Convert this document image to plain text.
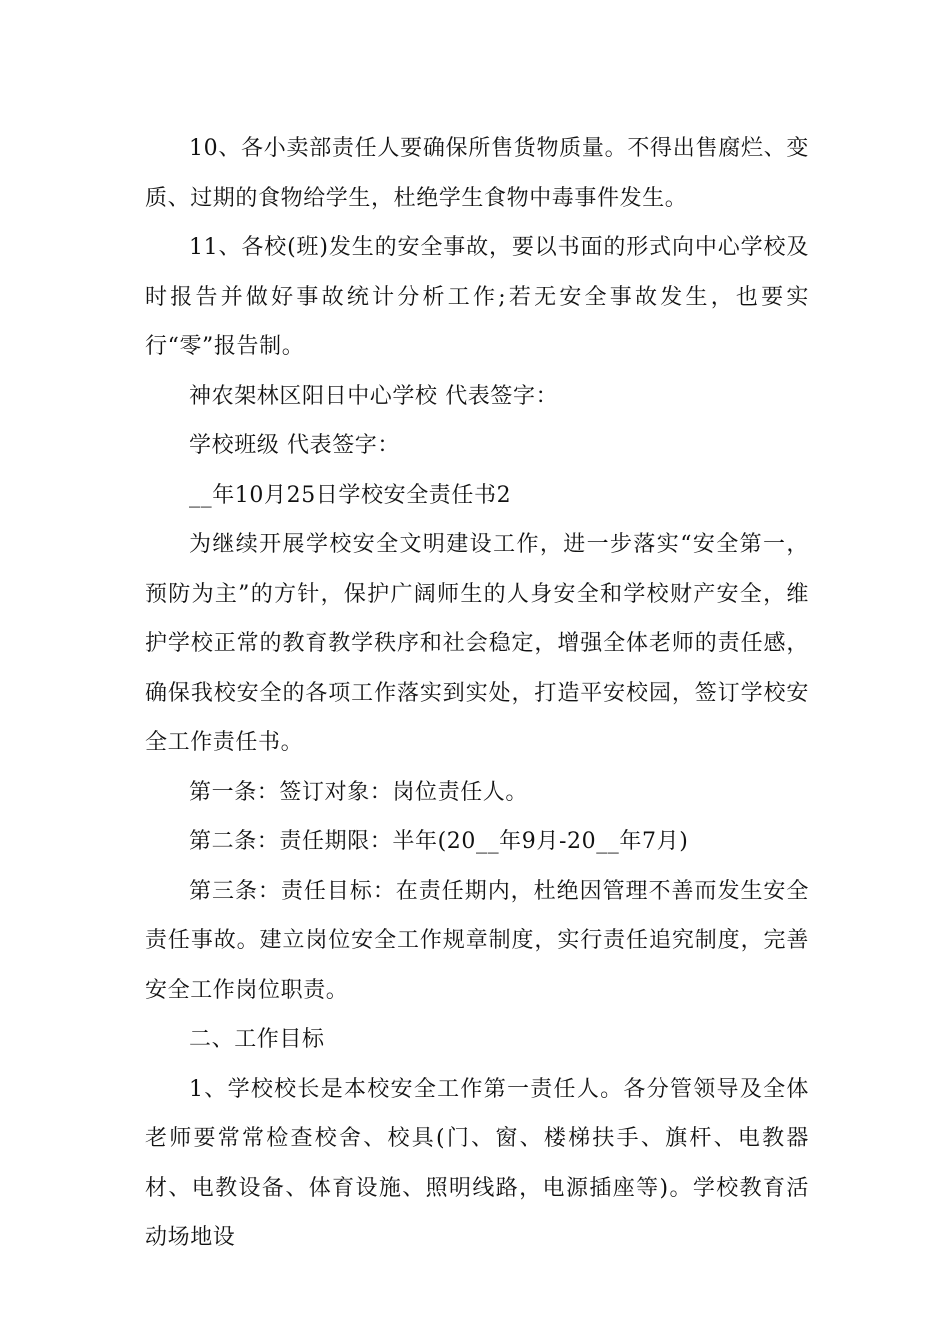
10、各小卖部责任人要确保所售货物质量。不得出售腐烂、变质、过期的食物给学生，杜绝学生食物中毒事件发生。

11、各校(班)发生的安全事故，要以书面的形式向中心学校及时报告并做好事故统计分析工作;若无安全事故发生，也要实行“零”报告制。

神农架林区阳日中心学校 代表签字：

学校班级 代表签字：

__年10月25日学校安全责任书2

为继续开展学校安全文明建设工作，进一步落实“安全第一，预防为主”的方针，保护广阔师生的人身安全和学校财产安全，维护学校正常的教育教学秩序和社会稳定，增强全体老师的责任感，确保我校安全的各项工作落实到实处，打造平安校园，签订学校安全工作责任书。

第一条：签订对象：岗位责任人。

第二条：责任期限：半年(20__年9月-20__年7月)

第三条：责任目标：在责任期内，杜绝因管理不善而发生安全责任事故。建立岗位安全工作规章制度，实行责任追究制度，完善安全工作岗位职责。

二、工作目标

1、学校校长是本校安全工作第一责任人。各分管领导及全体老师要常常检查校舍、校具(门、窗、楼梯扶手、旗杆、电教器材、电教设备、体育设施、照明线路，电源插座等)。学校教育活动场地设
